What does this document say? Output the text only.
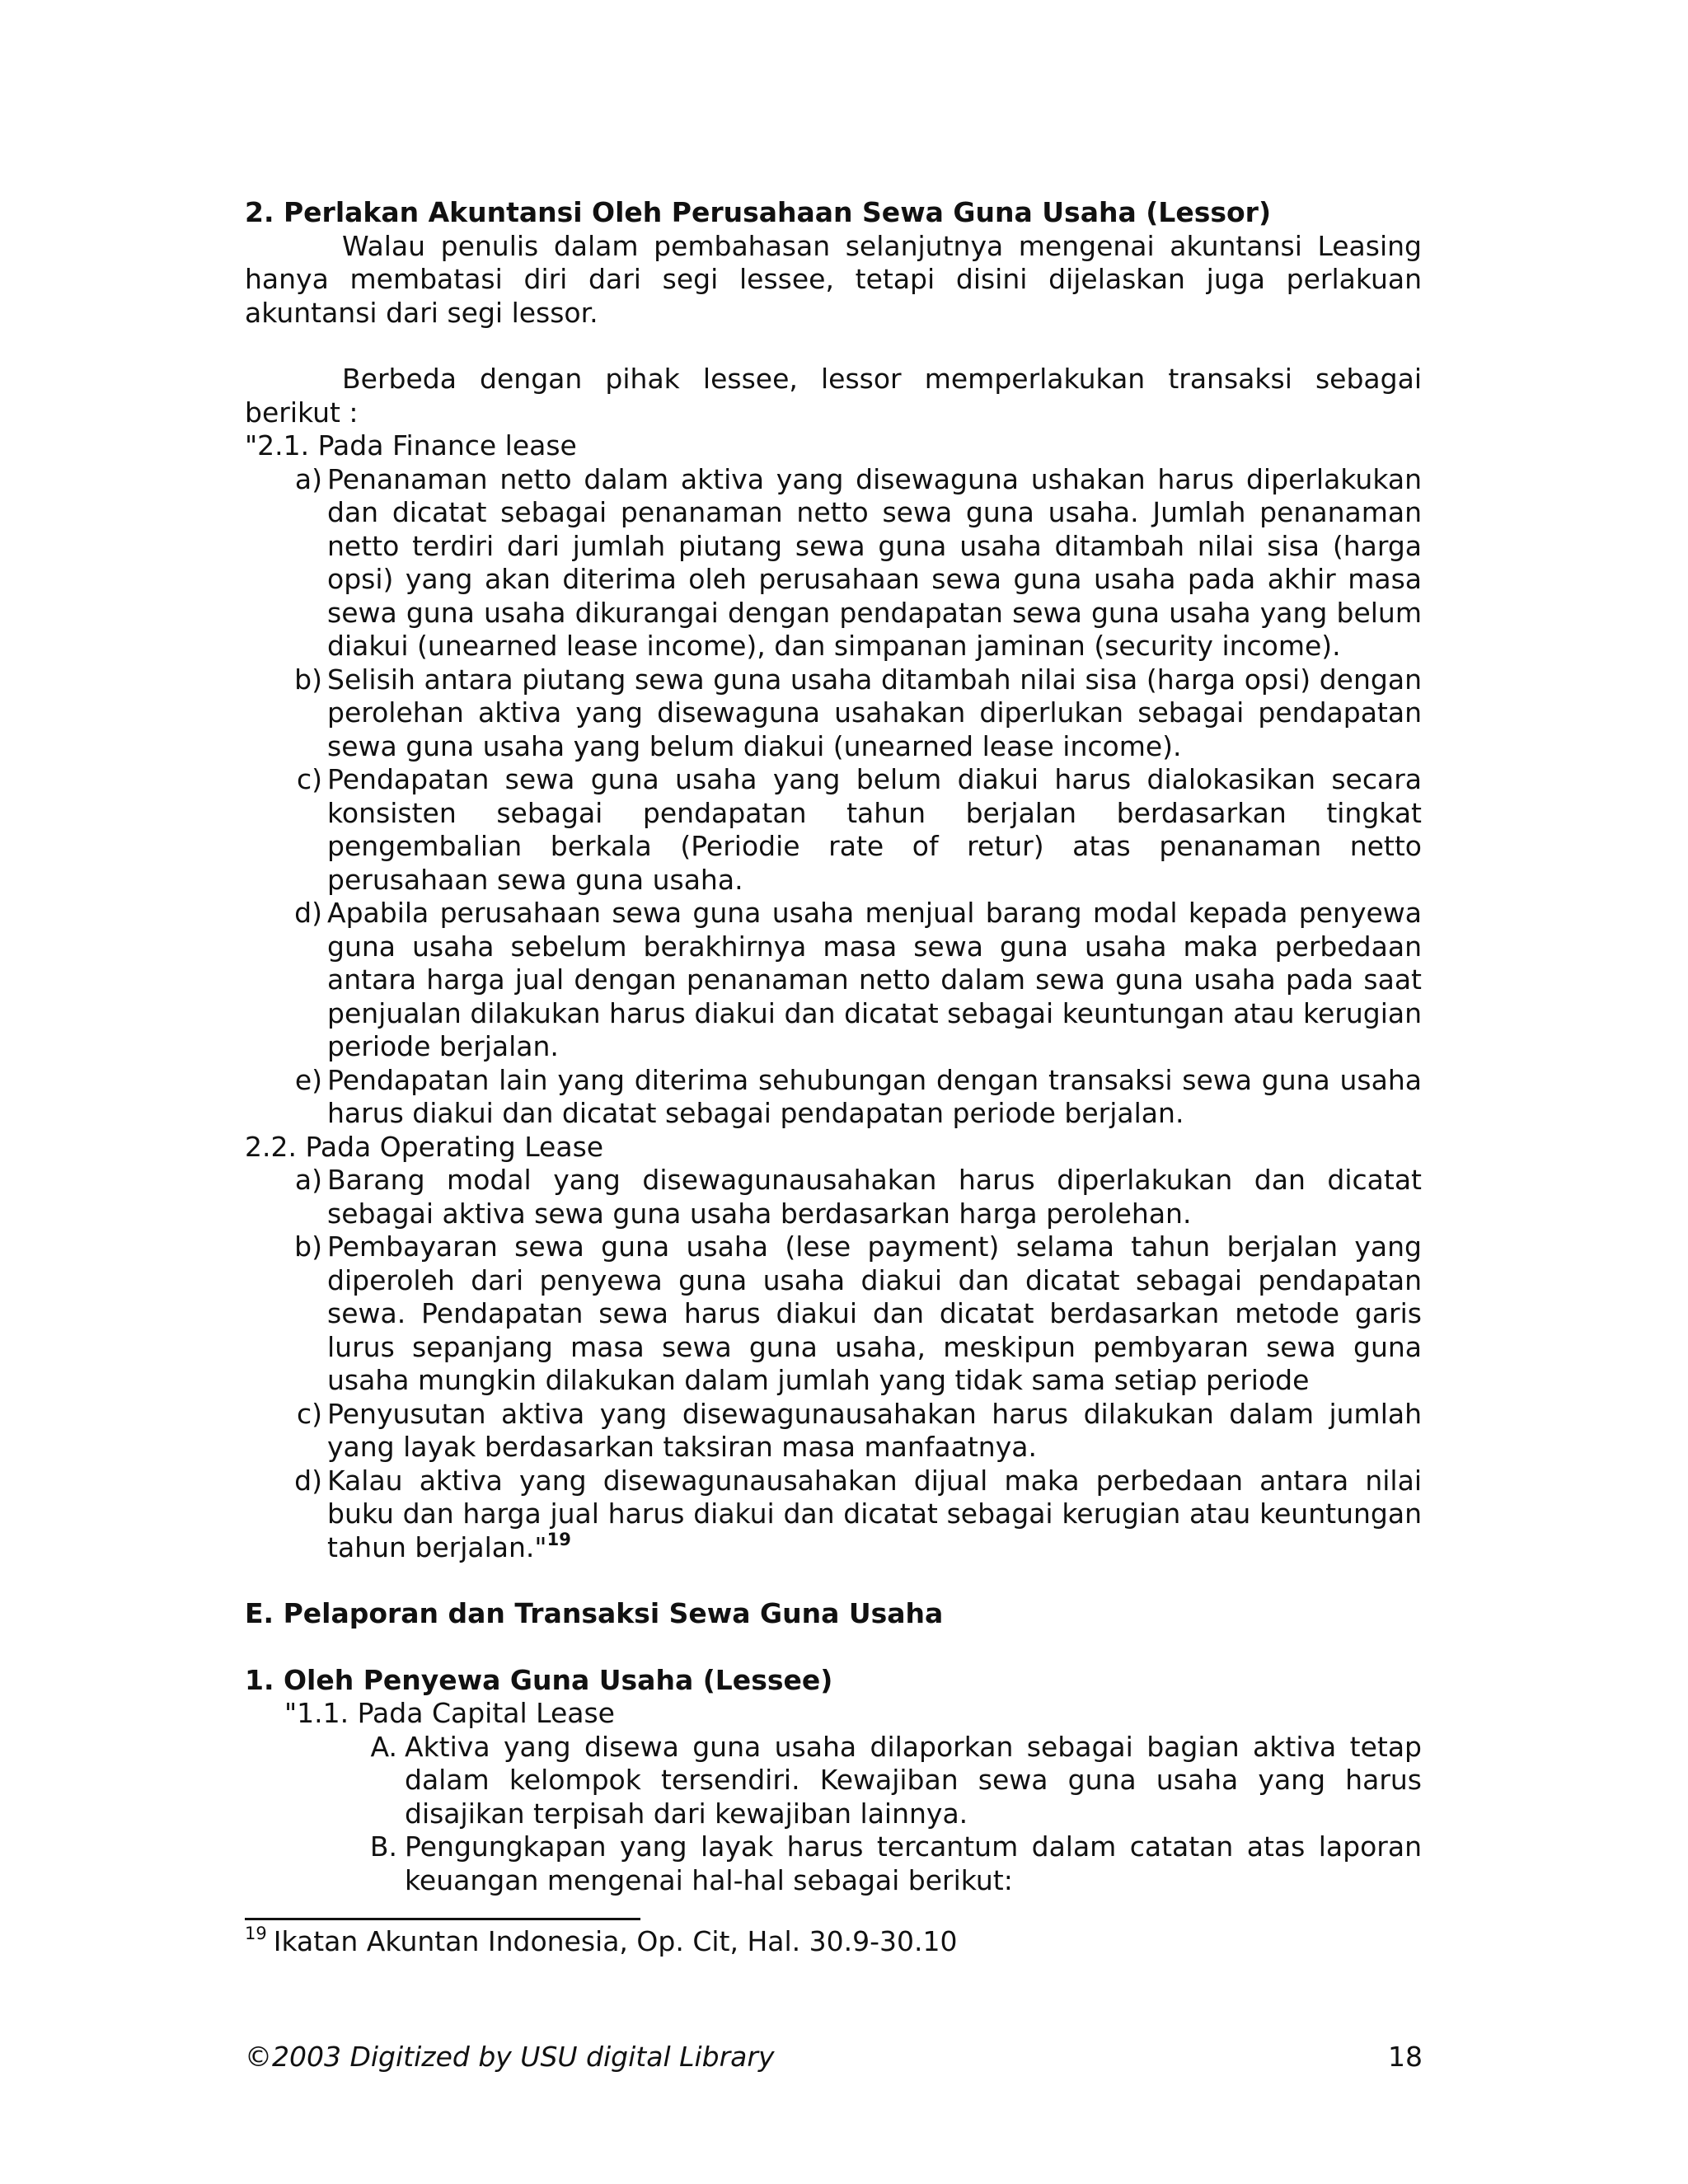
2. Perlakan Akuntansi Oleh Perusahaan Sewa Guna Usaha (Lessor)

Walau penulis dalam pembahasan selanjutnya mengenai akuntansi Leasing hanya membatasi diri dari segi lessee, tetapi disini dijelaskan juga perlakuan akuntansi dari segi lessor.

Berbeda dengan pihak lessee, lessor memperlakukan transaksi sebagai berikut :

"2.1. Pada Finance lease

a) Penanaman netto dalam aktiva yang disewaguna ushakan harus diperlakukan dan dicatat sebagai penanaman netto sewa guna usaha. Jumlah penanaman netto terdiri dari jumlah piutang sewa guna usaha ditambah nilai sisa (harga opsi) yang akan diterima oleh perusahaan sewa guna usaha pada akhir masa sewa guna usaha dikurangai dengan pendapatan sewa guna usaha yang belum diakui (unearned lease income), dan simpanan jaminan (security income).
b) Selisih antara piutang sewa guna usaha ditambah nilai sisa (harga opsi) dengan perolehan aktiva yang disewaguna usahakan diperlukan sebagai pendapatan sewa guna usaha yang belum diakui (unearned lease income).
c) Pendapatan sewa guna usaha yang belum diakui harus dialokasikan secara konsisten sebagai pendapatan tahun berjalan berdasarkan tingkat pengembalian berkala (Periodie rate of retur) atas penanaman netto perusahaan sewa guna usaha.
d) Apabila perusahaan sewa guna usaha menjual barang modal kepada penyewa guna usaha sebelum berakhirnya masa sewa guna usaha maka perbedaan antara harga jual dengan penanaman netto dalam sewa guna usaha pada saat penjualan dilakukan harus diakui dan dicatat sebagai keuntungan atau kerugian periode berjalan.
e) Pendapatan lain yang diterima sehubungan dengan transaksi sewa guna usaha harus diakui dan dicatat sebagai pendapatan periode berjalan.

2.2. Pada Operating Lease

a) Barang modal yang disewagunausahakan harus diperlakukan dan dicatat sebagai aktiva sewa guna usaha berdasarkan harga perolehan.
b) Pembayaran sewa guna usaha (lese payment) selama tahun berjalan yang diperoleh dari penyewa guna usaha diakui dan dicatat sebagai pendapatan sewa. Pendapatan sewa harus diakui dan dicatat berdasarkan metode garis lurus sepanjang masa sewa guna usaha, meskipun pembyaran sewa guna usaha mungkin dilakukan dalam jumlah yang tidak sama setiap periode
c) Penyusutan aktiva yang disewagunausahakan harus dilakukan dalam jumlah yang layak berdasarkan taksiran masa manfaatnya.
d) Kalau aktiva yang disewagunausahakan dijual maka perbedaan antara nilai buku dan harga jual harus diakui dan dicatat sebagai kerugian atau keuntungan tahun berjalan."$^{19}$

E. Pelaporan dan Transaksi Sewa Guna Usaha

1. Oleh Penyewa Guna Usaha (Lessee)

"1.1. Pada Capital Lease

A. Aktiva yang disewa guna usaha dilaporkan sebagai bagian aktiva tetap dalam kelompok tersendiri. Kewajiban sewa guna usaha yang harus disajikan terpisah dari kewajiban lainnya.
B. Pengungkapan yang layak harus tercantum dalam catatan atas laporan keuangan mengenai hal-hal sebagai berikut:
$^{19}$ Ikatan Akuntan Indonesia, Op. Cit, Hal. 30.9-30.10
©2003 Digitized by USU digital Library	18
